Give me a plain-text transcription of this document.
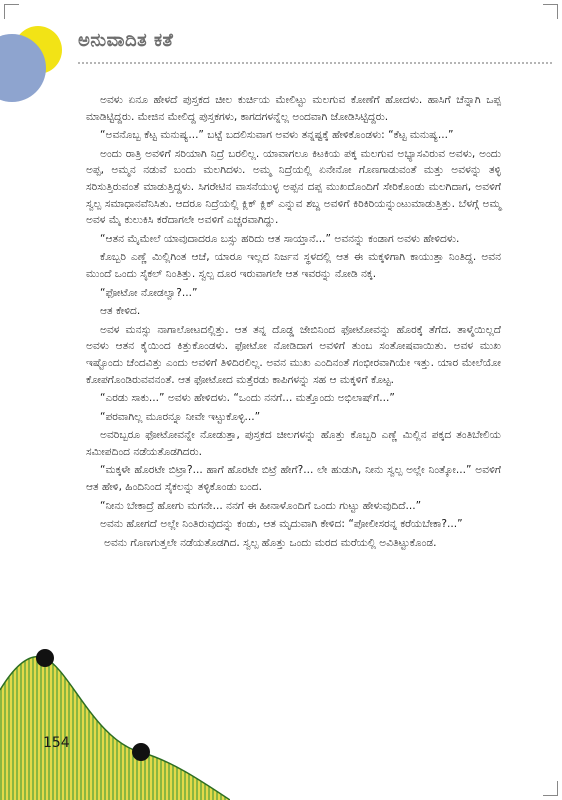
ಅನುವಾದಿತ ಕತೆ

ಅವಳು ಏನೂ ಹೇಳದೆ ಪುಸ್ತಕದ ಚೀಲ ಕುರ್ಚಿಯ ಮೇಲಿಟ್ಟು ಮಲಗುವ ಕೋಣೆಗೆ ಹೋದಳು. ಹಾಸಿಗೆ ಚೆನ್ನಾಗಿ ಒಪ್ಪ ಮಾಡಿಟ್ಟಿದ್ದರು. ಮೇಜಿನ ಮೇಲಿದ್ದ ಪುಸ್ತಕಗಳು, ಕಾಗದಗಳನ್ನೆಲ್ಲ ಅಂದವಾಗಿ ಜೋಡಿಸಿಟ್ಟಿದ್ದರು.

“ಅವನೊಬ್ಬ ಕೆಟ್ಟ ಮನುಷ್ಯ...” ಬಟ್ಟೆ ಬದಲಿಸುವಾಗ ಅವಳು ತನ್ನಷ್ಟಕ್ಕೆ ಹೇಳಿಕೊಂಡಳು: “ಕೆಟ್ಟ ಮನುಷ್ಯ...”

ಅಂದು ರಾತ್ರಿ ಅವಳಿಗೆ ಸರಿಯಾಗಿ ನಿದ್ರೆ ಬರಲಿಲ್ಲ. ಯಾವಾಗಲೂ ಕಿಟಕಿಯ ಪಕ್ಕ ಮಲಗುವ ಅಭ್ಯಾಸವಿರುವ ಅವಳು, ಅಂದು ಅಪ್ಪ, ಅಮ್ಮನ ನಡುವೆ ಬಂದು ಮಲಗಿದಳು. ಅಮ್ಮ ನಿದ್ರೆಯಲ್ಲಿ ಏನೇನೋ ಗೊಣಗಾಡುವಂತೆ ಮತ್ತು ಅವಳನ್ನು ತಳ್ಳಿ ಸರಿಸುತ್ತಿರುವಂತೆ ಮಾಡುತ್ತಿದ್ದಳು. ಸಿಗರೇಟಿನ ವಾಸನೆಯುಳ್ಳ ಅಪ್ಪನ ದಪ್ಪ ಮುಖದೊಂದಿಗೆ ಸೇರಿಕೊಂಡು ಮಲಗಿದಾಗ, ಅವಳಿಗೆ ಸ್ವಲ್ಪ ಸಮಾಧಾನವೆನಿಸಿತು. ಆದರೂ ನಿದ್ರೆಯಲ್ಲಿ ಕ್ಲಿಕ್ ಕ್ಲಿಕ್ ಎನ್ನುವ ಶಬ್ದ ಅವಳಿಗೆ ಕಿರಿಕಿರಿಯನ್ನುಂಟುಮಾಡುತ್ತಿತ್ತು. ಬೆಳಗ್ಗೆ ಅಮ್ಮ ಅವಳ ಮೈ ಕುಲುಕಿಸಿ ಕರೆದಾಗಲೇ ಅವಳಿಗೆ ಎಚ್ಚರವಾಗಿದ್ದು.

“ಆತನ ಮೈಮೇಲೆ ಯಾವುದಾದರೂ ಬಸ್ಸು ಹರಿದು ಆತ ಸಾಯ್ತಾನೆ...” ಅವನನ್ನು ಕಂಡಾಗ ಅವಳು ಹೇಳಿದಳು.

ಕೊಬ್ಬರಿ ಎಣ್ಣೆ ಮಿಲ್ಲಿಗಿಂತ ಆಚೆ, ಯಾರೂ ಇಲ್ಲದ ನಿರ್ಜನ ಸ್ಥಳದಲ್ಲಿ ಆತ ಈ ಮಕ್ಕಳಿಗಾಗಿ ಕಾಯುತ್ತಾ ನಿಂತಿದ್ದ. ಅವನ ಮುಂದೆ ಒಂದು ಸೈಕಲ್ ನಿಂತಿತ್ತು. ಸ್ವಲ್ಪ ದೂರ ಇರುವಾಗಲೇ ಆತ ಇವರನ್ನು ನೋಡಿ ನಕ್ಕ.

“ಫೋಟೋ ನೋಡಲ್ವಾ?...”

ಆತ ಕೇಳಿದ.

ಅವಳ ಮನಸ್ಸು ನಾಗಾಲೋಟದಲ್ಲಿತ್ತು. ಆತ ತನ್ನ ದೊಡ್ಡ ಜೇಬಿನಿಂದ ಫೋಟೋವನ್ನು ಹೊರಕ್ಕೆ ತೆಗೆದ. ತಾಳ್ಮೆಯಿಲ್ಲದೆ ಅವಳು ಆತನ ಕೈಯಿಂದ ಕಿತ್ತುಕೊಂಡಳು. ಫೋಟೋ ನೋಡಿದಾಗ ಅವಳಿಗೆ ತುಂಬ ಸಂತೋಷವಾಯಿತು. ಅವಳ ಮುಖ ಇಷ್ಟೊಂದು ಚೆಂದವಿತ್ತು ಎಂದು ಅವಳಿಗೆ ತಿಳಿದಿರಲಿಲ್ಲ. ಅವನ ಮುಖ ಎಂದಿನಂತೆ ಗಂಭೀರವಾಗಿಯೇ ಇತ್ತು. ಯಾರ ಮೇಲೆಯೋ ಕೋಪಗೊಂಡಿರುವವನಂತೆ. ಆತ ಫೋಟೋದ ಮತ್ತೆರಡು ಕಾಪಿಗಳನ್ನು ಸಹ ಆ ಮಕ್ಕಳಿಗೆ ಕೊಟ್ಟ.

“ಎರಡು ಸಾಕು...” ಅವಳು ಹೇಳಿದಳು. “ಒಂದು ನನಗೆ... ಮತ್ತೊಂದು ಅಭಿಲಾಷ್‌ಗೆ...”

“ಪರವಾಗಿಲ್ಲ ಮೂರನ್ನೂ ನೀವೇ ಇಟ್ಟುಕೊಳ್ಳಿ...”

ಅವರಿಬ್ಬರೂ ಫೋಟೋವನ್ನೇ ನೋಡುತ್ತಾ, ಪುಸ್ತಕದ ಚೀಲಗಳನ್ನು ಹೊತ್ತು ಕೊಬ್ಬರಿ ಎಣ್ಣೆ ಮಿಲ್ಲಿನ ಪಕ್ಕದ ತಂತಿಬೇಲಿಯ ಸಮೀಪದಿಂದ ನಡೆಯತೊಡಗಿದರು.

“ಮಕ್ಕಳೇ ಹೊರಟೇ ಬಿಟ್ರಾ?... ಹಾಗೆ ಹೊರಟೇ ಬಿಟ್ರೆ ಹೇಗೆ?... ಲೇ ಹುಡುಗಿ, ನೀನು ಸ್ವಲ್ಪ ಅಲ್ಲೇ ನಿಂತ್ಕೋ...” ಅವಳಿಗೆ ಆತ ಹೇಳಿ, ಹಿಂದಿನಿಂದ ಸೈಕಲನ್ನು ತಳ್ಳಿಕೊಂಡು ಬಂದ.

“ನೀನು ಬೇಕಾದ್ರೆ ಹೋಗು ಮಗನೇ... ನನಗೆ ಈ ಹೀನಾಳೊಂದಿಗೆ ಒಂದು ಗುಟ್ಟು ಹೇಳುವುದಿದೆ...”

ಅವನು ಹೋಗದೆ ಅಲ್ಲೇ ನಿಂತಿರುವುದನ್ನು ಕಂಡು, ಆತ ಮೃದುವಾಗಿ ಕೇಳಿದ: “ಪೋಲೀಸರನ್ನ ಕರೆಯಬೇಕಾ?...”

ಅವನು ಗೊಣಗುತ್ತಲೇ ನಡೆಯತೊಡಗಿದ. ಸ್ವಲ್ಪ ಹೊತ್ತು ಒಂದು ಮರದ ಮರೆಯಲ್ಲಿ ಅವಿತಿಟ್ಟುಕೊಂಡ.

154
